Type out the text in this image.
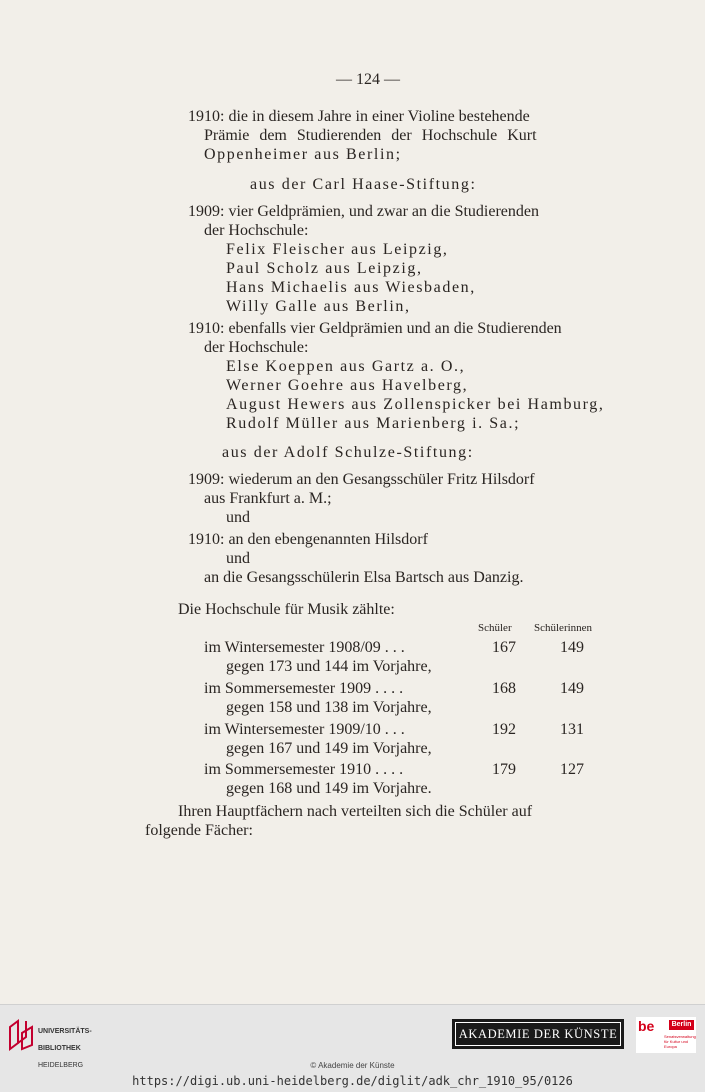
— 124 —
1910: die in diesem Jahre in einer Violine bestehende
Prämie dem Studierenden der Hochschule Kurt
Oppenheimer aus Berlin;
aus der Carl Haase-Stiftung:
1909: vier Geldprämien, und zwar an die Studierenden
der Hochschule:
Felix Fleischer aus Leipzig,
Paul Scholz aus Leipzig,
Hans Michaelis aus Wiesbaden,
Willy Galle aus Berlin,
1910: ebenfalls vier Geldprämien und an die Studierenden
der Hochschule:
Else Koeppen aus Gartz a. O.,
Werner Goehre aus Havelberg,
August Hewers aus Zollenspicker bei Hamburg,
Rudolf Müller aus Marienberg i. Sa.;
aus der Adolf Schulze-Stiftung:
1909: wiederum an den Gesangsschüler Fritz Hilsdorf
aus Frankfurt a. M.;
und
1910: an den ebengenannten Hilsdorf
und
an die Gesangsschülerin Elsa Bartsch aus Danzig.
Die Hochschule für Musik zählte:
Schüler Schülerinnen
im Wintersemester 1908/09 . . .	167	149
gegen 173 und 144 im Vorjahre,
im Sommersemester 1909 . . . .	168	149
gegen 158 und 138 im Vorjahre,
im Wintersemester 1909/10 . . .	192	131
gegen 167 und 149 im Vorjahre,
im Sommersemester 1910 . . . .	179	127
gegen 168 und 149 im Vorjahre.
Ihren Hauptfächern nach verteilten sich die Schüler auf
folgende Fächer:

UNIVERSITÄTS-

BIBLIOTHEK

HEIDELBERG

AKADEMIE DER KÜNSTE be	Berlin
Senatsverwaltung für Kultur und Europa
© Akademie der Künste
https://digi.ub.uni-heidelberg.de/diglit/adk_chr_1910_95/0126
